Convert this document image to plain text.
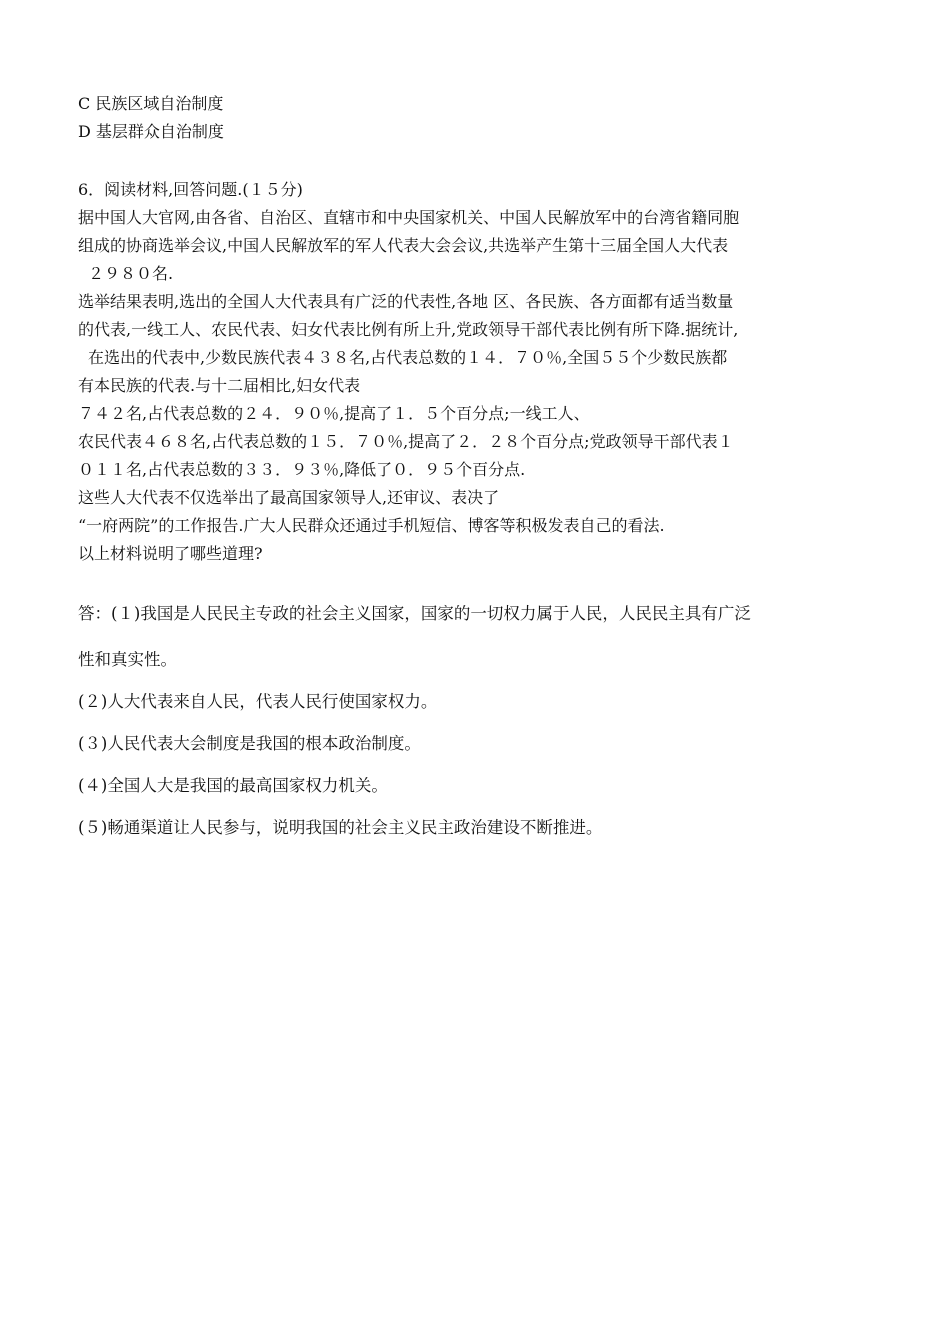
C 民族区域自治制度
D 基层群众自治制度
6．阅读材料,回答问题.(１５分)
据中国人大官网,由各省、自治区、直辖市和中央国家机关、中国人民解放军中的台湾省籍同胞
组成的协商选举会议,中国人民解放军的军人代表大会会议,共选举产生第十三届全国人大代表
２９８０名.
选举结果表明,选出的全国人大代表具有广泛的代表性,各地 区、各民族、各方面都有适当数量
的代表,一线工人、农民代表、妇女代表比例有所上升,党政领导干部代表比例有所下降.据统计,
在选出的代表中,少数民族代表４３８名,占代表总数的１４．７０％,全国５５个少数民族都
有本民族的代表.与十二届相比,妇女代表
７４２名,占代表总数的２４．９０％,提高了１．５个百分点;一线工人、
农民代表４６８名,占代表总数的１５．７０％,提高了２．２８个百分点;党政领导干部代表１
０１１名,占代表总数的３３．９３％,降低了０．９５个百分点.
这些人大代表不仅选举出了最高国家领导人,还审议、表决了
“一府两院”的工作报告.广大人民群众还通过手机短信、博客等积极发表自己的看法.
以上材料说明了哪些道理?
答：(１)我国是人民民主专政的社会主义国家，国家的一切权力属于人民，人民民主具有广泛
性和真实性。
(２)人大代表来自人民，代表人民行使国家权力。
(３)人民代表大会制度是我国的根本政治制度。
(４)全国人大是我国的最高国家权力机关。
(５)畅通渠道让人民参与，说明我国的社会主义民主政治建设不断推进。
